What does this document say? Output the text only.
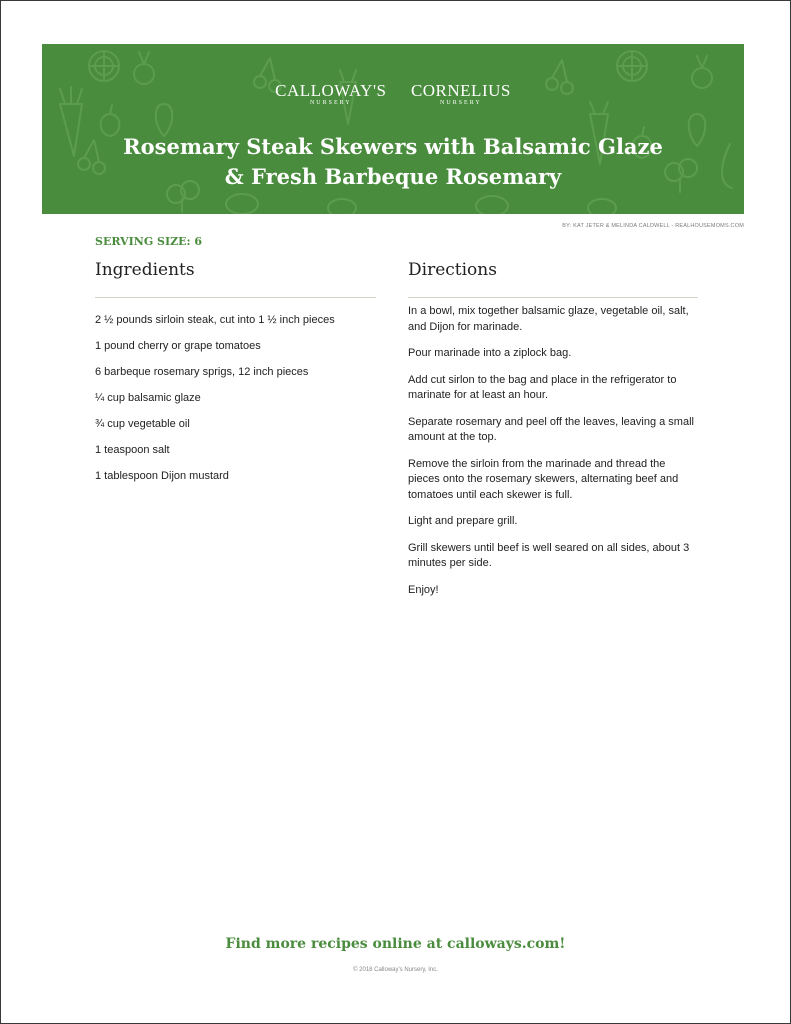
CALLOWAY'S
NURSERY

CORNELIUS
NURSERY
Rosemary Steak Skewers with Balsamic Glaze
& Fresh Barbeque Rosemary
BY: KAT JETER & MELINDA CALDWELL - REALHOUSEMOMS.COM
SERVING SIZE: 6
Ingredients
2 ½ pounds sirloin steak, cut into 1 ½ inch pieces
1 pound cherry or grape tomatoes
6 barbeque rosemary sprigs, 12 inch pieces
¼ cup balsamic glaze
¾ cup vegetable oil
1 teaspoon salt
1 tablespoon Dijon mustard
Directions
In a bowl, mix together balsamic glaze, vegetable oil, salt, and Dijon for marinade.
Pour marinade into a ziplock bag.
Add cut sirlon to the bag and place in the refrigerator to marinate for at least an hour.
Separate rosemary and peel off the leaves, leaving a small amount at the top.
Remove the sirloin from the marinade and thread the pieces onto the rosemary skewers, alternating beef and tomatoes until each skewer is full.
Light and prepare grill.
Grill skewers until beef is well seared on all sides, about 3 minutes per side.
Enjoy!
Find more recipes online at calloways.com!
© 2018 Calloway's Nursery, Inc.
